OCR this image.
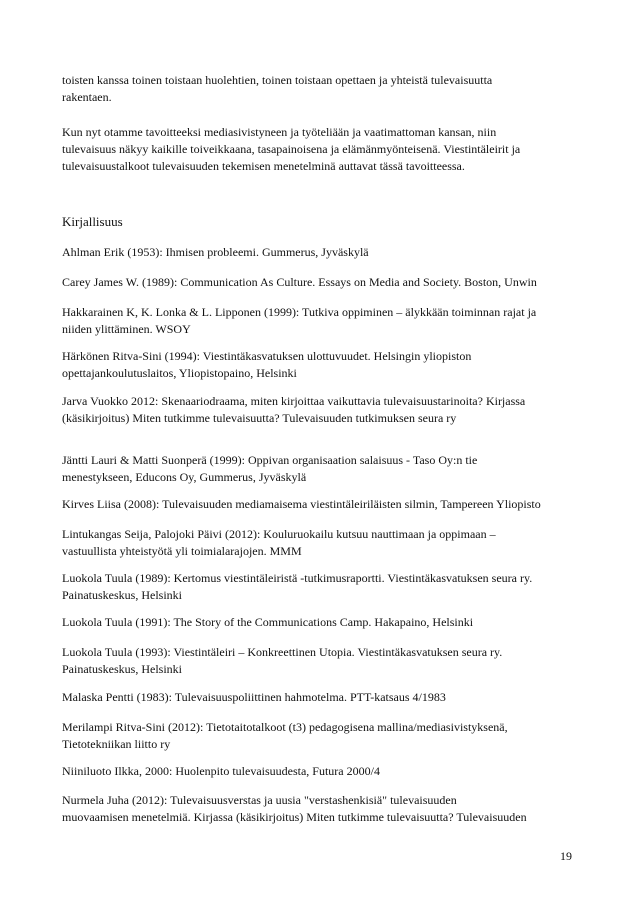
toisten kanssa toinen toistaan huolehtien, toinen toistaan opettaen ja yhteistä tulevaisuutta
rakentaen.

Kun nyt otamme tavoitteeksi mediasivistyneen ja työteliään ja vaatimattoman kansan, niin
tulevaisuus näkyy kaikille toiveikkaana, tasapainoisena ja elämänmyönteisenä. Viestintäleirit ja
tulevaisuustalkoot tulevaisuuden tekemisen menetelminä auttavat tässä tavoitteessa.

Kirjallisuus

Ahlman Erik (1953): Ihmisen probleemi. Gummerus, Jyväskylä

Carey James W. (1989): Communication As Culture. Essays on Media and Society. Boston, Unwin

Hakkarainen K, K. Lonka & L. Lipponen (1999): Tutkiva oppiminen – älykkään toiminnan rajat ja
niiden ylittäminen. WSOY

Härkönen Ritva-Sini (1994): Viestintäkasvatuksen ulottuvuudet. Helsingin yliopiston
opettajankoulutuslaitos, Yliopistopaino, Helsinki

Jarva Vuokko 2012: Skenaariodraama, miten kirjoittaa vaikuttavia tulevaisuustarinoita? Kirjassa
(käsikirjoitus) Miten tutkimme tulevaisuutta? Tulevaisuuden tutkimuksen seura ry

Jäntti Lauri & Matti Suonperä (1999): Oppivan organisaation salaisuus - Taso Oy:n tie
menestykseen, Educons Oy, Gummerus, Jyväskylä

Kirves Liisa (2008): Tulevaisuuden mediamaisema viestintäleiriläisten silmin, Tampereen Yliopisto

Lintukangas Seija, Palojoki Päivi (2012): Kouluruokailu kutsuu nauttimaan ja oppimaan –
vastuullista yhteistyötä yli toimialarajojen. MMM

Luokola Tuula (1989): Kertomus viestintäleiristä -tutkimusraportti. Viestintäkasvatuksen seura ry.
Painatuskeskus, Helsinki

Luokola Tuula (1991): The Story of the Communications Camp. Hakapaino, Helsinki

Luokola Tuula (1993): Viestintäleiri – Konkreettinen Utopia. Viestintäkasvatuksen seura ry.
Painatuskeskus, Helsinki

Malaska Pentti (1983): Tulevaisuuspoliittinen hahmotelma. PTT-katsaus 4/1983

Merilampi Ritva-Sini (2012): Tietotaitotalkoot (t3) pedagogisena mallina/mediasivistyksenä,
Tietotekniikan liitto ry

Niiniluoto Ilkka, 2000: Huolenpito tulevaisuudesta, Futura 2000/4

Nurmela Juha (2012): Tulevaisuusverstas ja uusia "verstashenkisiä" tulevaisuuden
muovaamisen menetelmiä. Kirjassa (käsikirjoitus) Miten tutkimme tulevaisuutta? Tulevaisuuden

19
